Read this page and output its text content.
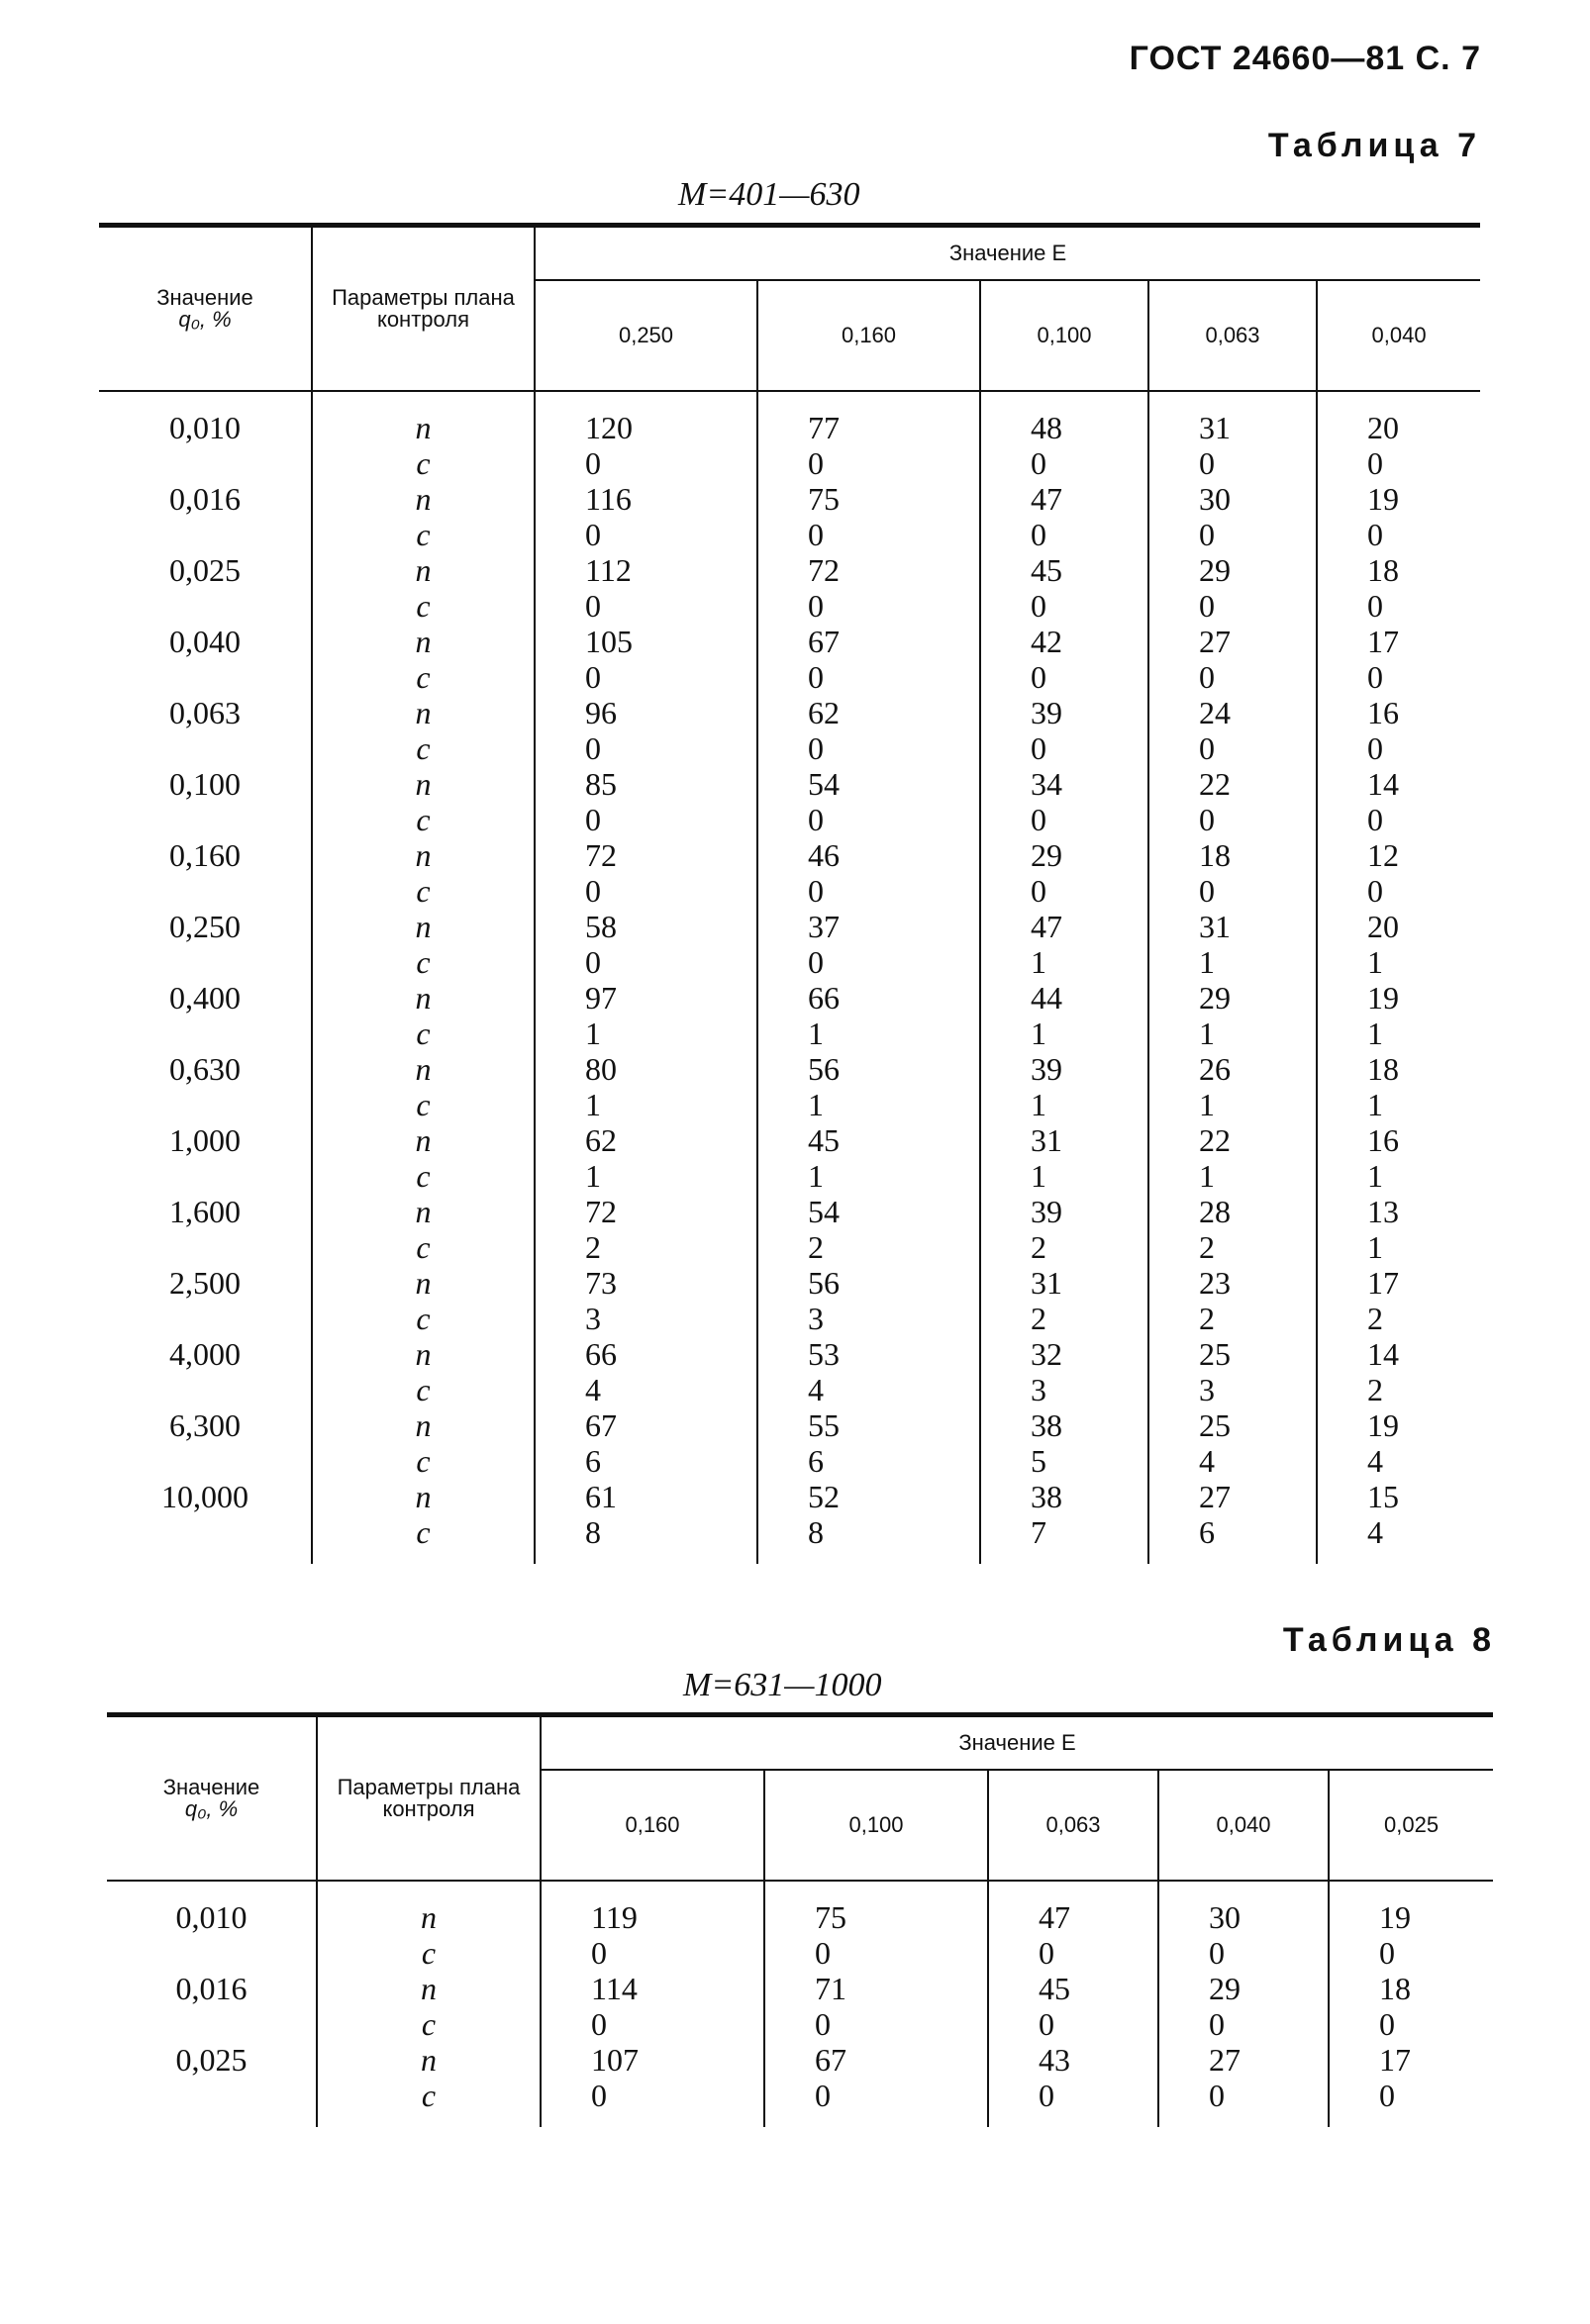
ГОСТ 24660—81 С. 7
Таблица 7
M=401—630
Значение
q₀, %	Параметры плана контроля	Значение E				
		0,250	0,160	0,100	0,063	0,040

0,010	n	120	77	48	31	20
	c	0	0	0	0	0
0,016	n	116	75	47	30	19
	c	0	0	0	0	0
0,025	n	112	72	45	29	18
	c	0	0	0	0	0
0,040	n	105	67	42	27	17
	c	0	0	0	0	0
0,063	n	96	62	39	24	16
	c	0	0	0	0	0
0,100	n	85	54	34	22	14
	c	0	0	0	0	0
0,160	n	72	46	29	18	12
	c	0	0	0	0	0
0,250	n	58	37	47	31	20
	c	0	0	1	1	1
0,400	n	97	66	44	29	19
	c	1	1	1	1	1
0,630	n	80	56	39	26	18
	c	1	1	1	1	1
1,000	n	62	45	31	22	16
	c	1	1	1	1	1
1,600	n	72	54	39	28	13
	c	2	2	2	2	1
2,500	n	73	56	31	23	17
	c	3	3	2	2	2
4,000	n	66	53	32	25	14
	c	4	4	3	3	2
6,300	n	67	55	38	25	19
	c	6	6	5	4	4
10,000	n	61	52	38	27	15
	c	8	8	7	6	4

Таблица 8
M=631—1000
Значение
q₀, %	Параметры плана контроля	Значение E				
		0,160	0,100	0,063	0,040	0,025

0,010	n	119	75	47	30	19
	c	0	0	0	0	0
0,016	n	114	71	45	29	18
	c	0	0	0	0	0
0,025	n	107	67	43	27	17
	c	0	0	0	0	0
